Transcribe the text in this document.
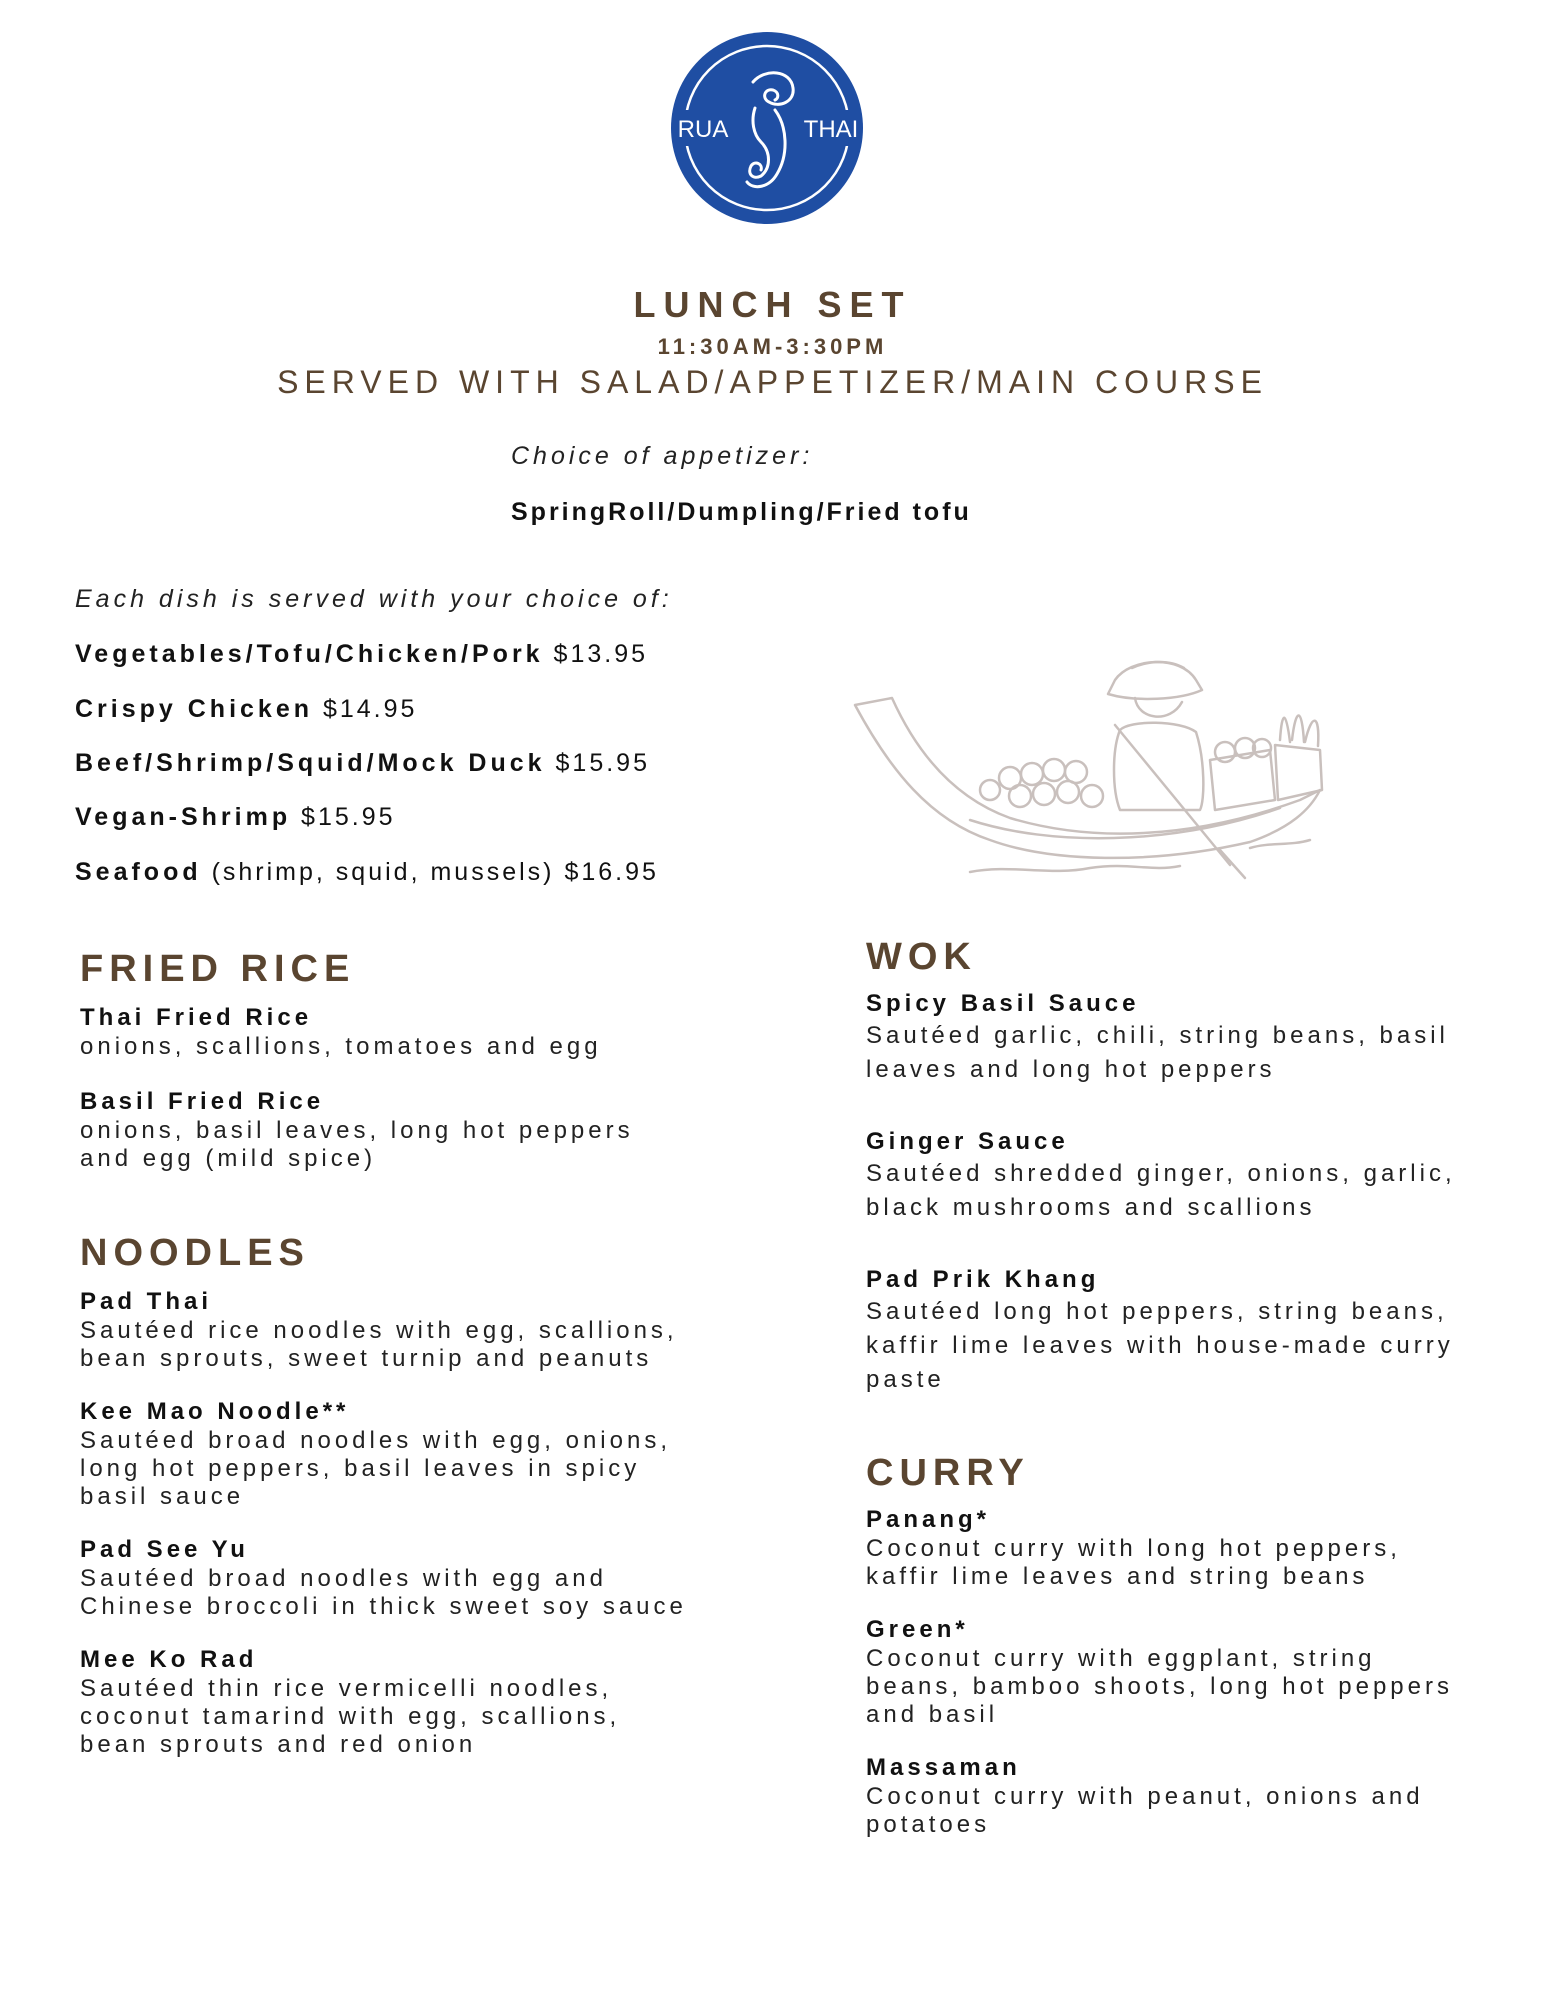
RUA	THAI
LUNCH SET
11:30AM-3:30PM
SERVED WITH SALAD/APPETIZER/MAIN COURSE
Choice of appetizer:
SpringRoll/Dumpling/Fried tofu
Each dish is served with your choice of:
Vegetables/Tofu/Chicken/Pork $13.95
Crispy Chicken $14.95
Beef/Shrimp/Squid/Mock Duck $15.95
Vegan-Shrimp $15.95
Seafood (shrimp, squid, mussels) $16.95
FRIED RICE
Thai Fried Rice
onions, scallions, tomatoes and egg
Basil Fried Rice
onions, basil leaves, long hot peppers
and egg (mild spice)
NOODLES
Pad Thai
Sautéed rice noodles with egg, scallions,
bean sprouts, sweet turnip and peanuts
Kee Mao Noodle**
Sautéed broad noodles with egg, onions,
long hot peppers, basil leaves in spicy
basil sauce
Pad See Yu
Sautéed broad noodles with egg and
Chinese broccoli in thick sweet soy sauce
Mee Ko Rad
Sautéed thin rice vermicelli noodles,
coconut tamarind with egg, scallions,
bean sprouts and red onion
WOK
Spicy Basil Sauce
Sautéed garlic, chili, string beans, basil
leaves and long hot peppers
Ginger Sauce
Sautéed shredded ginger, onions, garlic,
black mushrooms and scallions
Pad Prik Khang
Sautéed long hot peppers, string beans,
kaffir lime leaves with house-made curry
paste
CURRY
Panang*
Coconut curry with long hot peppers,
kaffir lime leaves and string beans
Green*
Coconut curry with eggplant, string
beans, bamboo shoots, long hot peppers
and basil
Massaman
Coconut curry with peanut, onions and
potatoes
